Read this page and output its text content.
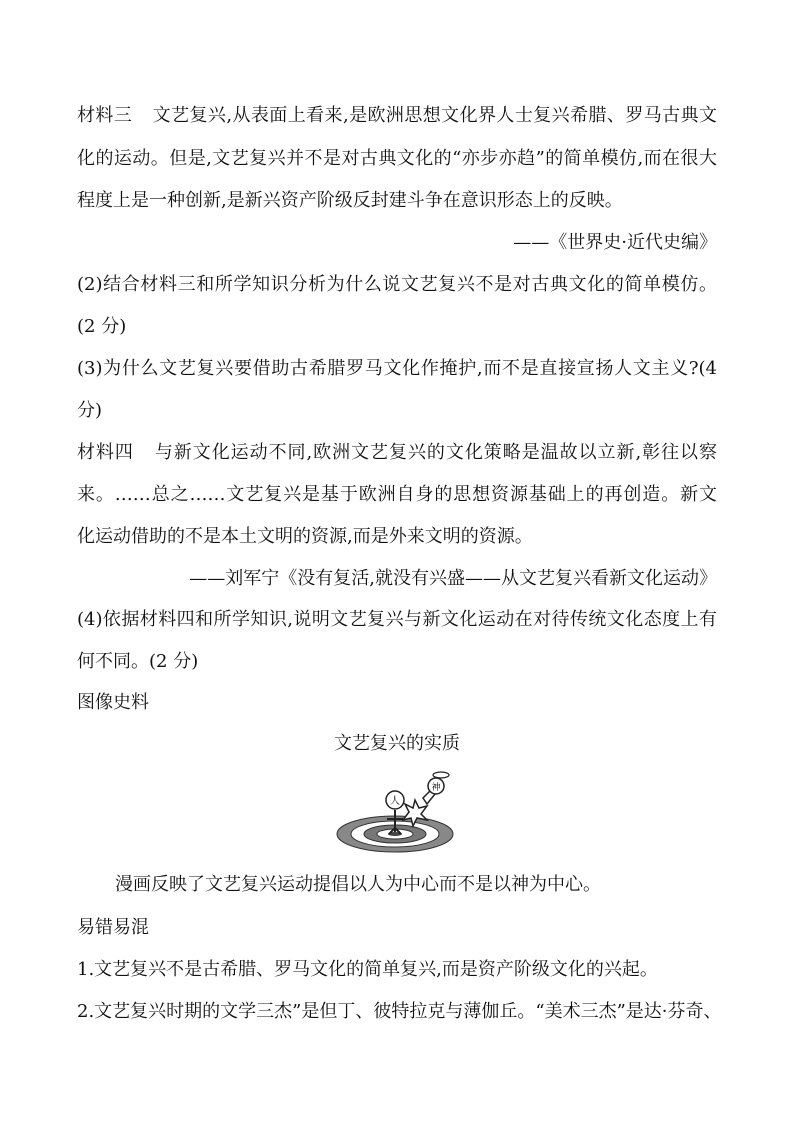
材料三 文艺复兴,从表面上看来,是欧洲思想文化界人士复兴希腊、罗马古典文
化的运动。但是,文艺复兴并不是对古典文化的“亦步亦趋”的简单模仿,而在很大
程度上是一种创新,是新兴资产阶级反封建斗争在意识形态上的反映。
——《世界史·近代史编》
(2)结合材料三和所学知识分析为什么说文艺复兴不是对古典文化的简单模仿。
(2 分)
(3)为什么文艺复兴要借助古希腊罗马文化作掩护,而不是直接宣扬人文主义?(4
分)
材料四 与新文化运动不同,欧洲文艺复兴的文化策略是温故以立新,彰往以察
来。……总之……文艺复兴是基于欧洲自身的思想资源基础上的再创造。新文
化运动借助的不是本土文明的资源,而是外来文明的资源。
——刘军宁《没有复活,就没有兴盛——从文艺复兴看新文化运动》
(4)依据材料四和所学知识,说明文艺复兴与新文化运动在对待传统文化态度上有
何不同。(2 分)
图像史料
文艺复兴的实质
人
神
漫画反映了文艺复兴运动提倡以人为中心而不是以神为中心。
易错易混
1.文艺复兴不是古希腊、罗马文化的简单复兴,而是资产阶级文化的兴起。
2.文艺复兴时期的文学三杰”是但丁、彼特拉克与薄伽丘。“美术三杰”是达·芬奇、
